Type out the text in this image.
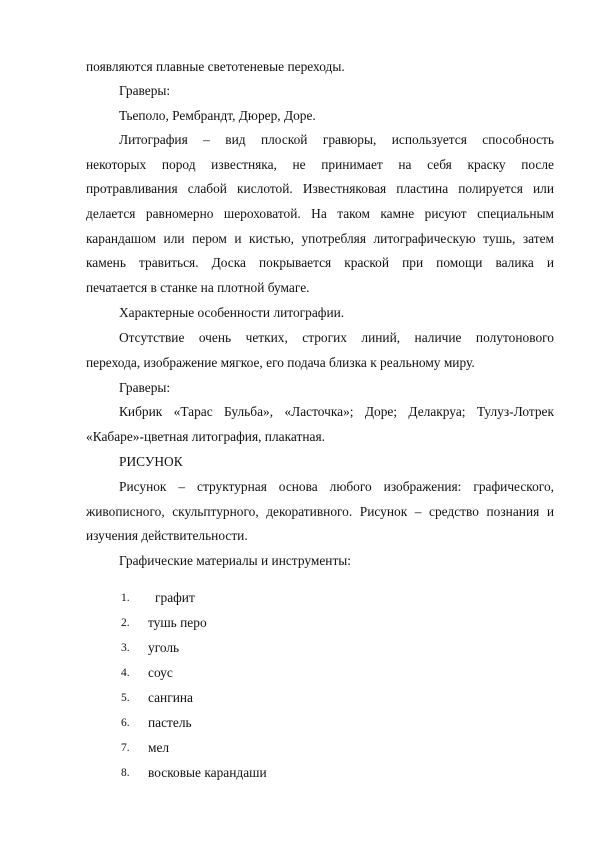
появляются плавные светотеневые переходы.
Граверы:
Тьеполо, Рембрандт, Дюрер, Доре.
Литография – вид плоской гравюры, используется способность
некоторых пород известняка, не принимает на себя краску после
протравливания слабой кислотой. Известняковая пластина полируется или
делается равномерно шероховатой. На таком камне рисуют специальным
карандашом или пером и кистью, употребляя литографическую тушь, затем
камень травиться. Доска покрывается краской при помощи валика и
печатается в станке на плотной бумаге.
Характерные особенности литографии.
Отсутствие очень четких, строгих линий, наличие полутонового
перехода, изображение мягкое, его подача близка к реальному миру.
Граверы:
Кибрик «Тарас Бульба», «Ласточка»; Доре; Делакруа; Тулуз-Лотрек
«Кабаре»-цветная литография, плакатная.
РИСУНОК
Рисунок – структурная основа любого изображения: графического,
живописного, скульптурного, декоративного. Рисунок – средство познания и
изучения действительности.
Графические материалы и инструменты:
1. графит
2. тушь перо
3. уголь
4. соус
5. сангина
6. пастель
7. мел
8. восковые карандаши
